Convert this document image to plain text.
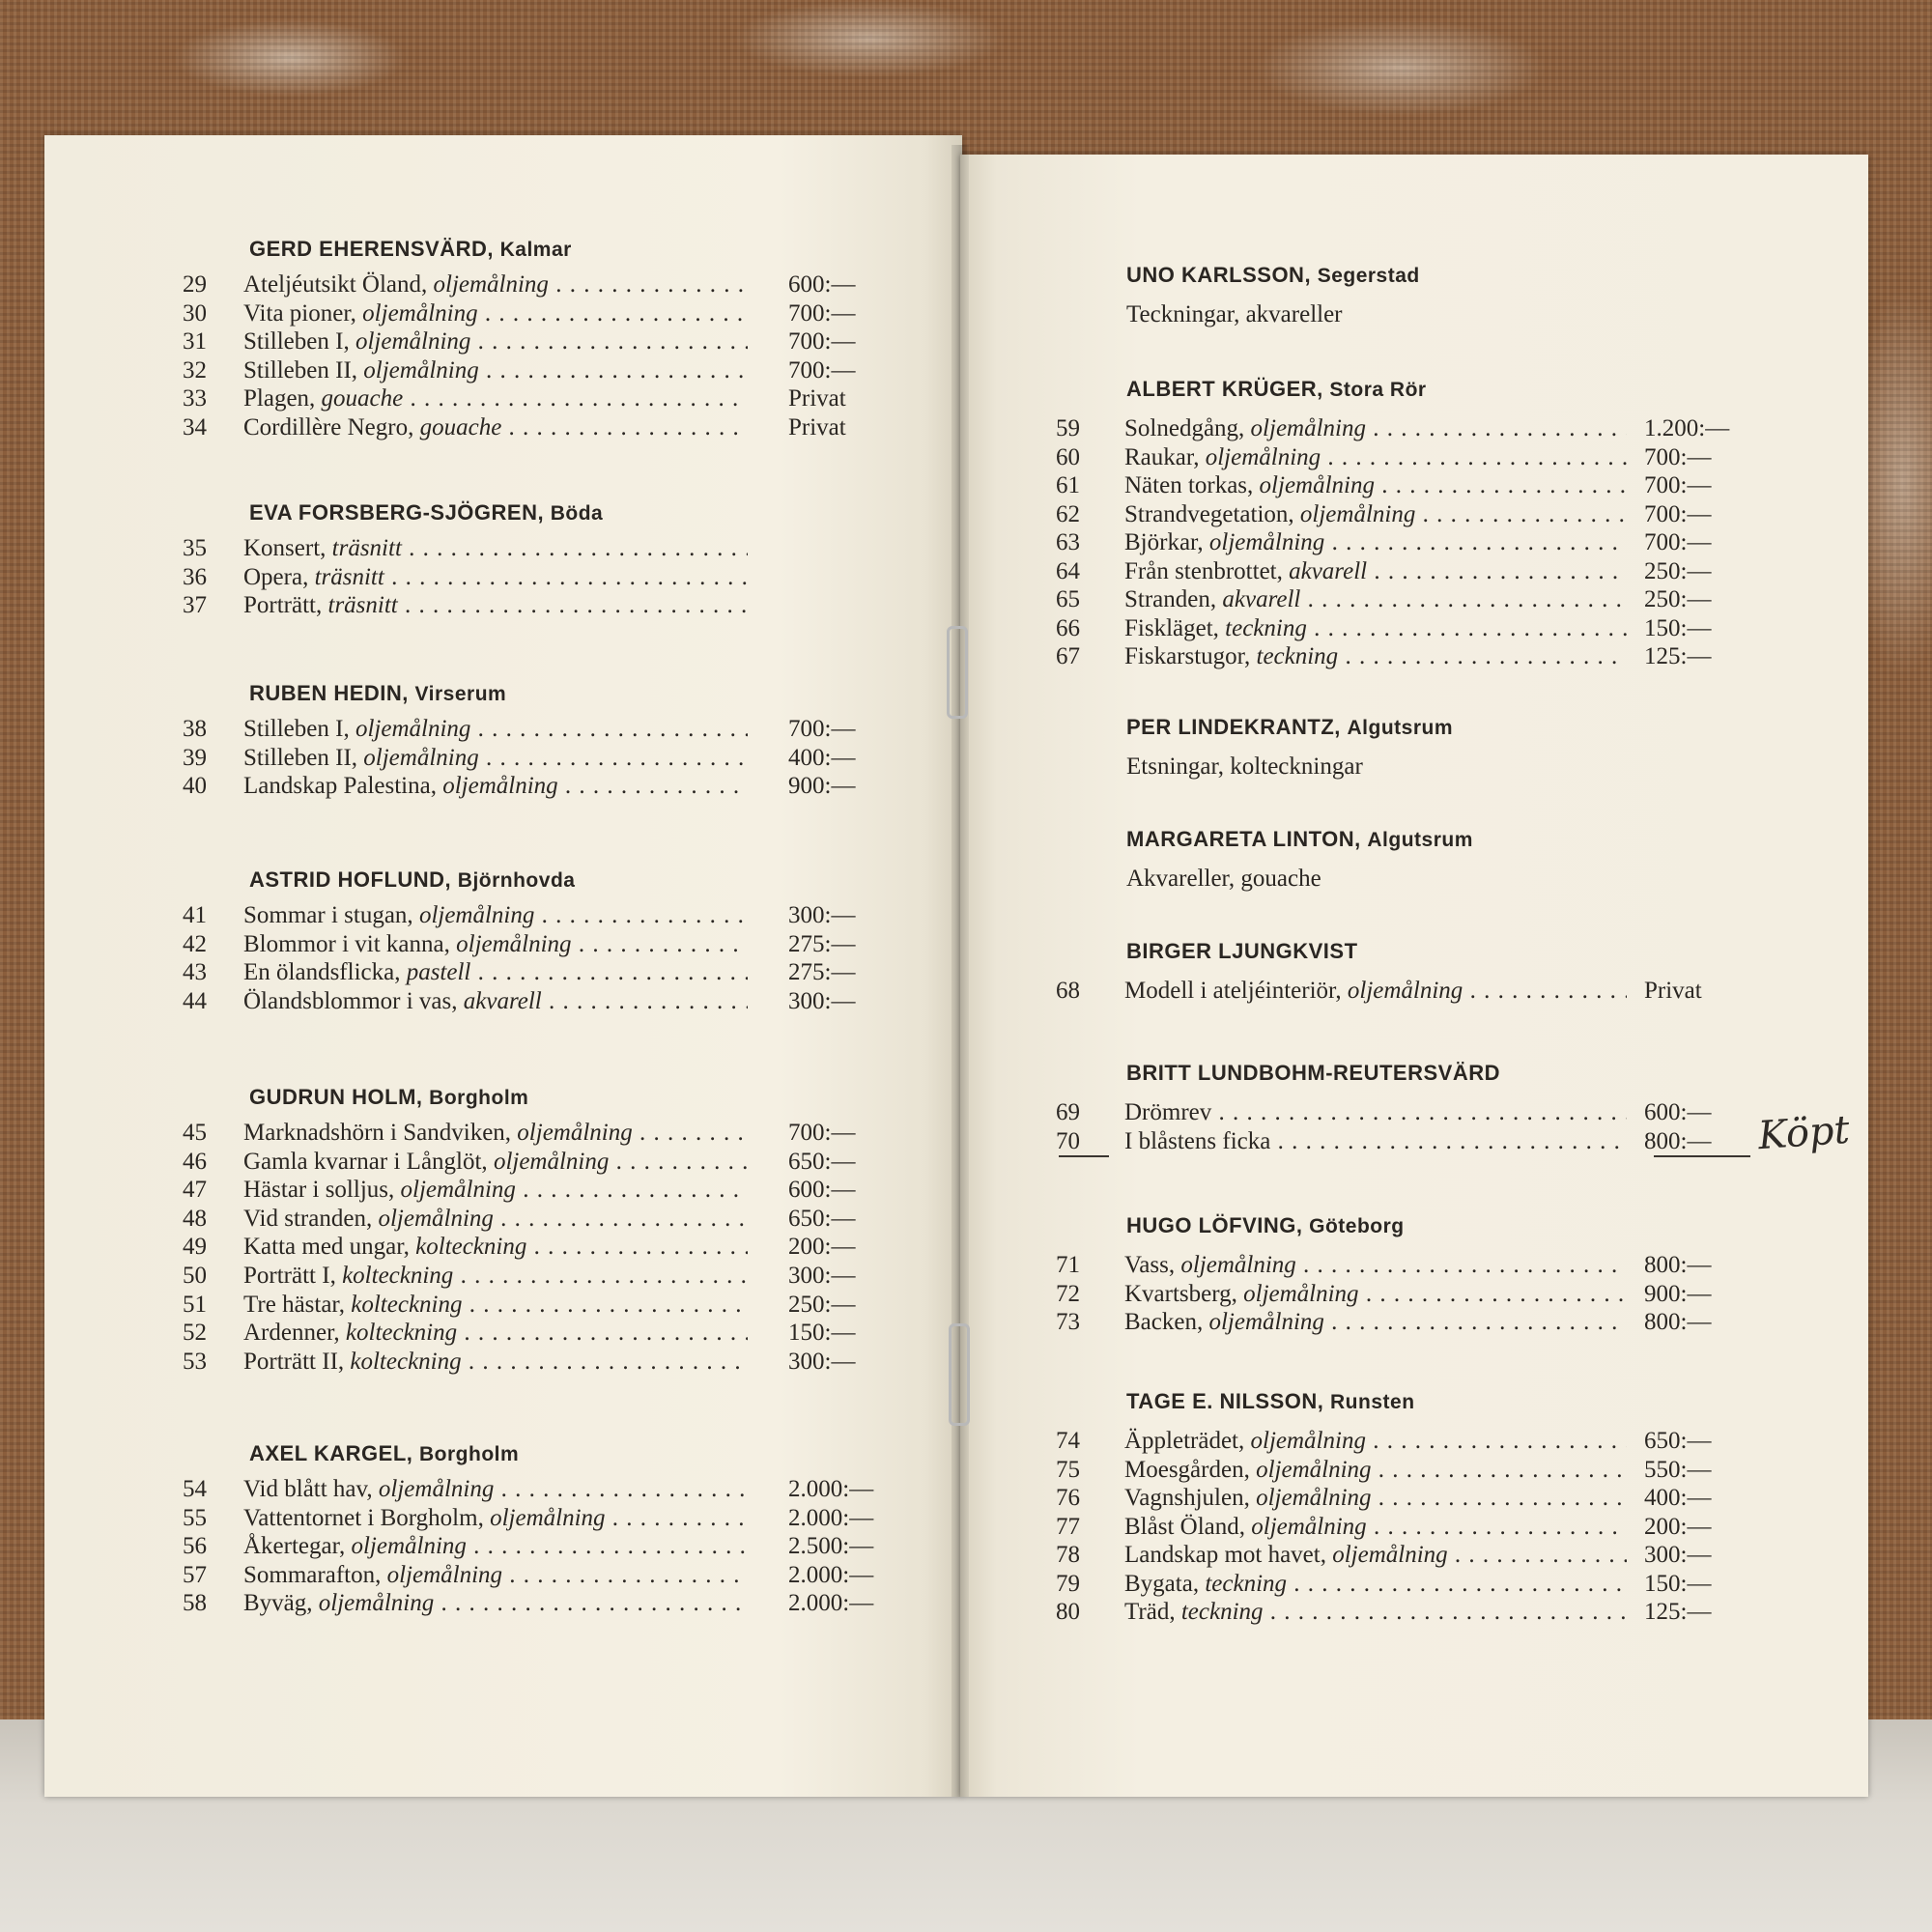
GERD EHERENSVÄRD, Kalmar
29 Ateljéutsikt Öland, oljemålning . . .	600:—
30 Vita pioner, oljemålning . . .	700:—
31 Stilleben I, oljemålning . . .	700:—
32 Stilleben II, oljemålning . . .	700:—
33 Plagen, gouache . . .	Privat
34 Cordillère Negro, gouache . . .	Privat
EVA FORSBERG-SJÖGREN, Böda
35 Konsert, träsnitt . . .
36 Opera, träsnitt . . .
37 Porträtt, träsnitt . . .
RUBEN HEDIN, Virserum
38 Stilleben I, oljemålning . . .	700:—
39 Stilleben II, oljemålning . . .	400:—
40 Landskap Palestina, oljemålning . . .	900:—
ASTRID HOFLUND, Björnhovda
41 Sommar i stugan, oljemålning . . .	300:—
42 Blommor i vit kanna, oljemålning . . .	275:—
43 En ölandsflicka, pastell . . .	275:—
44 Ölandsblommor i vas, akvarell . . .	300:—
GUDRUN HOLM, Borgholm
45 Marknadshörn i Sandviken, oljemålning . . .	700:—
46 Gamla kvarnar i Långlöt, oljemålning . . .	650:—
47 Hästar i solljus, oljemålning . . .	600:—
48 Vid stranden, oljemålning . . .	650:—
49 Katta med ungar, kolteckning . . .	200:—
50 Porträtt I, kolteckning . . .	300:—
51 Tre hästar, kolteckning . . .	250:—
52 Ardenner, kolteckning . . .	150:—
53 Porträtt II, kolteckning . . .	300:—
AXEL KARGEL, Borgholm
54 Vid blått hav, oljemålning . . .	2.000:—
55 Vattentornet i Borgholm, oljemålning . . .	2.000:—
56 Åkertegar, oljemålning . . .	2.500:—
57 Sommarafton, oljemålning . . .	2.000:—
58 Byväg, oljemålning . . .	2.000:—
UNO KARLSSON, Segerstad
Teckningar, akvareller
ALBERT KRÜGER, Stora Rör
59 Solnedgång, oljemålning . . .	1.200:—
60 Raukar, oljemålning . . .	700:—
61 Näten torkas, oljemålning . . .	700:—
62 Strandvegetation, oljemålning . . .	700:—
63 Björkar, oljemålning . . .	700:—
64 Från stenbrottet, akvarell . . .	250:—
65 Stranden, akvarell . . .	250:—
66 Fiskläget, teckning . . .	150:—
67 Fiskarstugor, teckning . . .	125:—
PER LINDEKRANTZ, Algutsrum
Etsningar, kolteckningar
MARGARETA LINTON, Algutsrum
Akvareller, gouache
BIRGER LJUNGKVIST
68 Modell i ateljéinteriör, oljemålning . . .	Privat
BRITT LUNDBOHM-REUTERSVÄRD
69 Drömrev . . .	600:—
70 I blåstens ficka . . .	800:—
HUGO LÖFVING, Göteborg
71 Vass, oljemålning . . .	800:—
72 Kvartsberg, oljemålning . . .	900:—
73 Backen, oljemålning . . .	800:—
TAGE E. NILSSON, Runsten
74 Äppleträdet, oljemålning . . .	650:—
75 Moesgården, oljemålning . . .	550:—
76 Vagnshjulen, oljemålning . . .	400:—
77 Blåst Öland, oljemålning . . .	200:—
78 Landskap mot havet, oljemålning . . .	300:—
79 Bygata, teckning . . .	150:—
80 Träd, teckning . . .	125:—
Köpt
